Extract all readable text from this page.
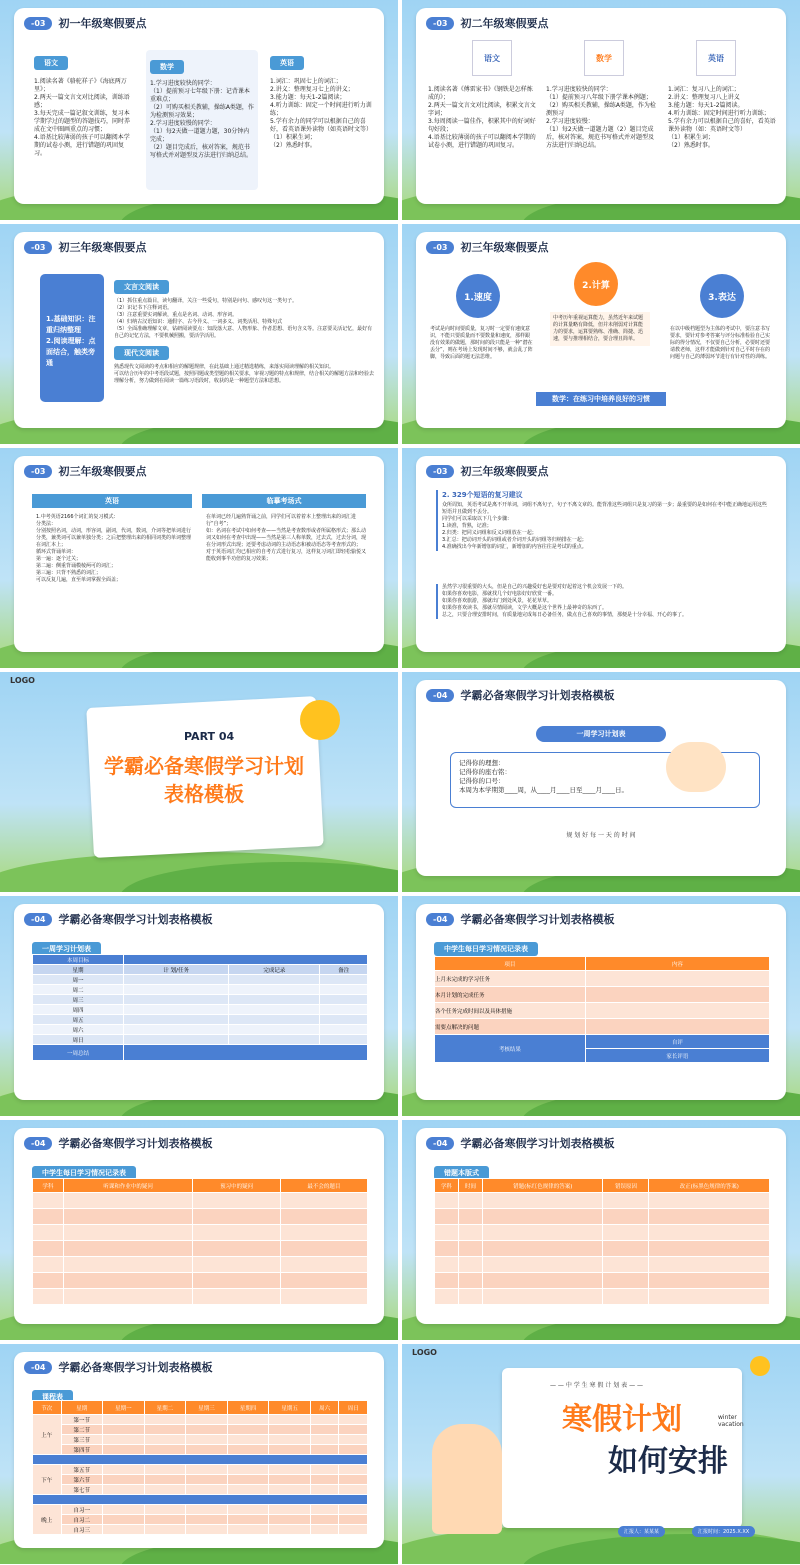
-03	初一年级寒假要点
语文
1.阅读名著《骆驼祥子》《海底两万里》；
2.两天一篇文言文对比阅读，训练语感；
3.每天完成一篇记叙文训练，复习本学期学过的题型的答题技巧，同时养成在文中圈画重点的习惯；
4.语基比较薄弱的孩子可以翻阅本学期的试卷小测，进行错题的巩固复习。
数学
1.学习进度较快的同学：
（1）提前预习七年级下册：记背课本重难点；
（2）可购买相关教辅，操练A类题，作为检测预习效果；
2.学习进度较慢的同学：
（1）每2天做一道题力题，30分钟内完成；
（2）题目完成后，核对答案，规范书写格式并对题型及方法进行归纳总结。
英语
1.词汇：巩固七上的词汇；
2.讲义：整理复习七上的讲义；
3.能力题：每天1-2篇阅读；
4.听力训练：固定一个时间进行听力训练；
5.学有余力的同学可以根据自己的喜好，看英语课外读物（如英语时文等）
（1）积累生词；
（2）熟悉时事。
-03	初二年级寒假要点
语文	数学	英语
1.阅读名著《傅雷家书》《钢铁是怎样炼成的》；
2.两天一篇文言文对比阅读，积累文言文字词；
3.每周阅读一篇佳作，积累其中的好词好句好段；
4.语基比较薄弱的孩子可以翻阅本学期的试卷小测，进行错题的巩固复习。
1.学习进度较快的同学：
（1）提前预习八年级下册学课本例题；
（2）购买相关教辅，操练A类题，作为检测预习
2.学习进度较慢：
（1）每2天做一道题力题（2）题目完成后，核对答案，规范书写格式并对题型及方法进行归纳总结。
1.词汇：复习八上的词汇；
2.讲义：整理复习八上讲义
3.能力题：每天1-2篇阅读。
4.听力训练：固定时间进行听力训练；
5.学有余力可以根据自己的喜好，看英语课外读物（如：英语时文等）
（1）积累生词；
（2）熟悉时事。
-03	初三年级寒假要点
1.基础知识：注重归纳整理
2.阅读理解：点面结合，触类旁通
文言文阅读
（1）抓住重点篇目，读句翻译，关注一些爱句，特别是问句、感叹句这一类句子。
（2）识记书下注释词语。
（3）注意重要实词解读，重点是名词、动词、形容词。
（4）归纳古汉语知识：通假字、古今异义、一词多义、词类活用、特殊句式
（5）全面准确理解文章，钻研阅读要点：知段落大意、人物形象、作者思想、语句含义等。注意要灵活记忆，最好有自己的记忆方法，不要机械照搬，要活学活用。
现代文阅读
熟悉现代文阅读的考点和相应的解题规律，在此基础上通过精选精练，来落实阅读理解的相关知识。
可以结合历年的中考语段试题，按照同题或类型题的相关要求，审视习题的特点和规律，结合相关的解题方法和经验去理解分析，努力做到在阅读一篇练习语段时，收获的是一种题型方法和思想。
-03	初三年级寒假要点
1.速度
2.计算
3.表达
考试是向时间要质量，复习时一定要有速度意识，不能只要质量而不要数量和速度，那样跟没有效果的做题，那时间的段只能是一种“潜在丢分”，则在考场上发现时间不够，就会乱了阵脚，导致后面的题无法思维。
中考历年重视运算能力，虽然近年来试题的计算量略有降低，但并未削弱对计算能力的要求，运算要熟练、准确、简捷、迅速，要与推理相结合，要合理且简单。
在以中级档题型为主体的考试中，要注意书写要求，要针对参考答案与评分标准检验自己实际的得分情况，不仅要自己分析，必要时还要请教老师，这样才能做到针对自己平时存在的问题与自己的薄弱环节进行有针对性的训练。
数学：在练习中培养良好的习惯
-03	初三年级寒假要点
英语
1.中考英语2166个词汇的复习模式：
分类法：
分别按照名词，动词，形容词，副词，代词，数词，介词等把单词进行分类，兼类词可以兼单独分类；之后把整理出来的相同词类的单词整理在词汇本上；
循环式背诵单词：
第一遍：逐个过关；
第二遍：侧重背诵模棱两可的词汇；
第三遍：只背不熟悉的词汇；
可以反复几遍，直至单词掌握全面盖；
临摹考场式
在单词已经几遍熟背诵之前，同学们可以着着本上整理出来的词汇进行“自考”；
如：名词在考试中如何考查——当然是考查数形或者所属格形式；那么动词又如何在考查中出现——当然是第三人称单数，过去式，过去分词，现在分词形式出现；还要考虑动词的主动语态和被动语态等考查形式的；
对于英语词汇均已相应的自考方式进行复习，这样复习词汇即轻松愉悦又能收到事半功倍的复习效果；
-03	初三年级寒假要点
2. 329个短语的复习建议
众所周知，英语考试是离不开单词，词组不离句子，句子不离文章的。能背准这些词组只是复习的第一步；最重要的是如何在考中能正确地运用这些短语并且做到不丢分。
同学们可以采取以下几个步骤：
1.读准，背熟，记准；
2.归类：把同义词组和反义词组放在一起；
3.汇总：把动词开头的词组或者介词开头的词组等归纳排在一起；
4.准确找出今年新增加的词汇，新增加的内容往往是考试的重点。
虽然学习很重要的大头，但是自己的兴趣爱好也是要对好起着这个机会发展一下的。
如果你喜欢电影，那就找几个好电影好好欣赏一番。
如果你喜欢旅游，那就出门到处风景，花花草草。
如果你喜欢读书，那就尽情阅读，文学大概是这个世界上最神奇的东西了。
总之，只要合理安排时间，有质量地完成每日必备任务，做点自己喜欢的事情，那便是十分幸福、开心的事了。
LOGO
PART 04
学霸必备寒假学习计划表格模板
-04	学霸必备寒假学习计划表格模板
一周学习计划表
记得你的理想：
记得你的座右铭：
记得你的口号：
本周为本学期第____周，从____月____日至____月____日。
规 划 好 每 一 天 的 时 间
-04	学霸必备寒假学习计划表格模板
一周学习计划表
本周目标			
星期	计 划/任务	完成记录	备注
周一			
周二			
周三			
周四			
周五			
周六			
周日			
一周总结			
-04	学霸必备寒假学习计划表格模板
中学生每日学习情况记录表
项目	内容
上月未完成的学习任务	
本月计划的完成任务	
各个任务完成时间以及具体措施	
需要点解决的问题	
考核结果	自评
	家长评语
-04	学霸必备寒假学习计划表格模板
中学生每日学习情况记录表
学科	听课和作业中的疑问	预习中的疑问	最不会的题目

-04	学霸必备寒假学习计划表格模板
错题本版式
学科	时间	错题(标红色规律的答案)	错误原因	改正(标黑色规律的答案)

-04	学霸必备寒假学习计划表格模板
课程表
节次	星期	星期一	星期二	星期三	星期四	星期五	周六	周日
上午	第一节							
	第二节							
	第三节							
	第四节							

下午	第五节							
	第六节							
	第七节							

晚上	自习一							
	自习二							
	自习三							
LOGO
— — 中 学 生 寒 假 计 划 表 — —
寒假计划	winter
vacation
如何安排
汇报人：某某某	汇报时间：2025.X.XX
